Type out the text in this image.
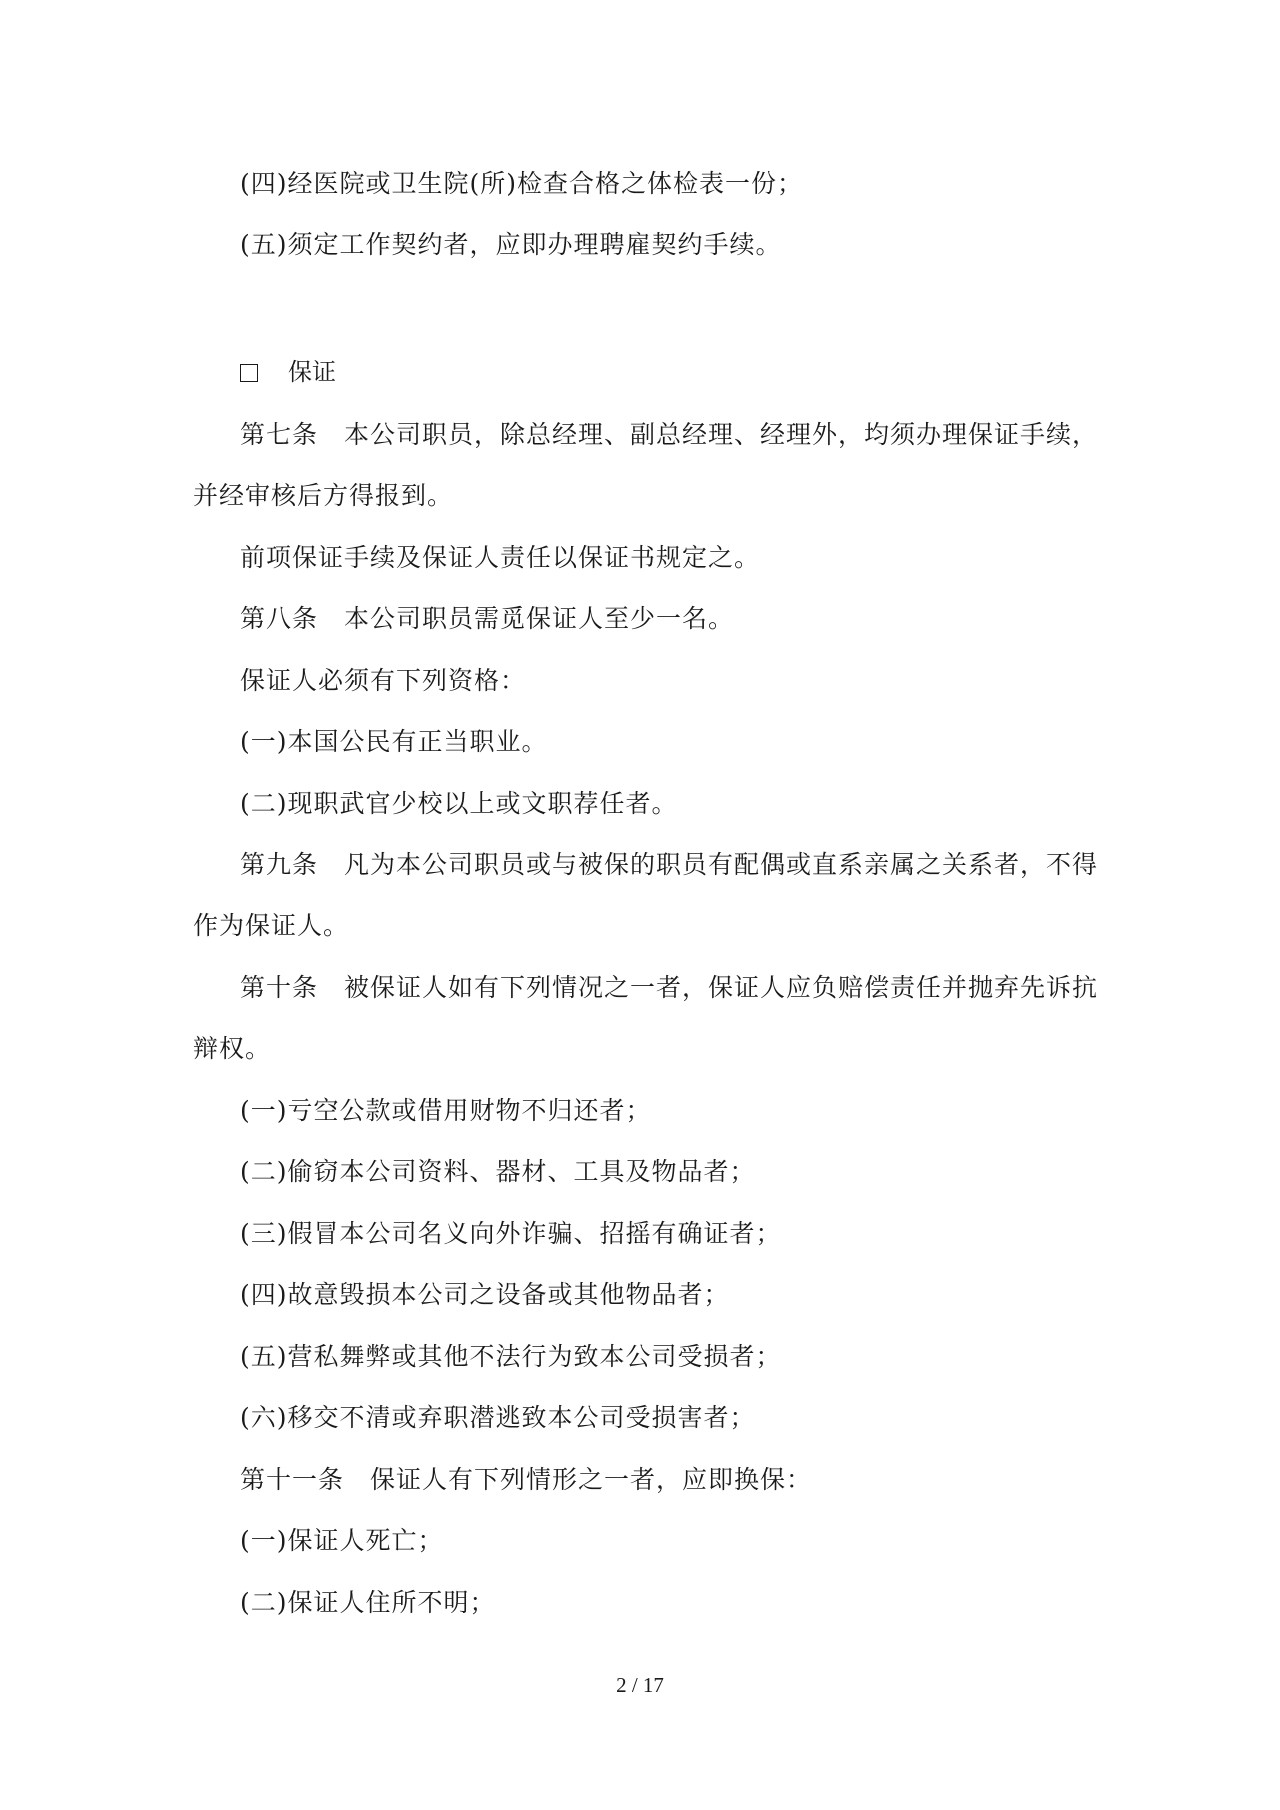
(四)经医院或卫生院(所)检查合格之体检表一份；
(五)须定工作契约者，应即办理聘雇契约手续。
保证
第七条　本公司职员，除总经理、副总经理、经理外，均须办理保证手续，
并经审核后方得报到。
前项保证手续及保证人责任以保证书规定之。
第八条　本公司职员需觅保证人至少一名。
保证人必须有下列资格：
(一)本国公民有正当职业。
(二)现职武官少校以上或文职荐任者。
第九条　凡为本公司职员或与被保的职员有配偶或直系亲属之关系者，不得
作为保证人。
第十条　被保证人如有下列情况之一者，保证人应负赔偿责任并抛弃先诉抗
辩权。
(一)亏空公款或借用财物不归还者；
(二)偷窃本公司资料、器材、工具及物品者；
(三)假冒本公司名义向外诈骗、招摇有确证者；
(四)故意毁损本公司之设备或其他物品者；
(五)营私舞弊或其他不法行为致本公司受损者；
(六)移交不清或弃职潜逃致本公司受损害者；
第十一条　保证人有下列情形之一者，应即换保：
(一)保证人死亡；
(二)保证人住所不明；
2 / 17
